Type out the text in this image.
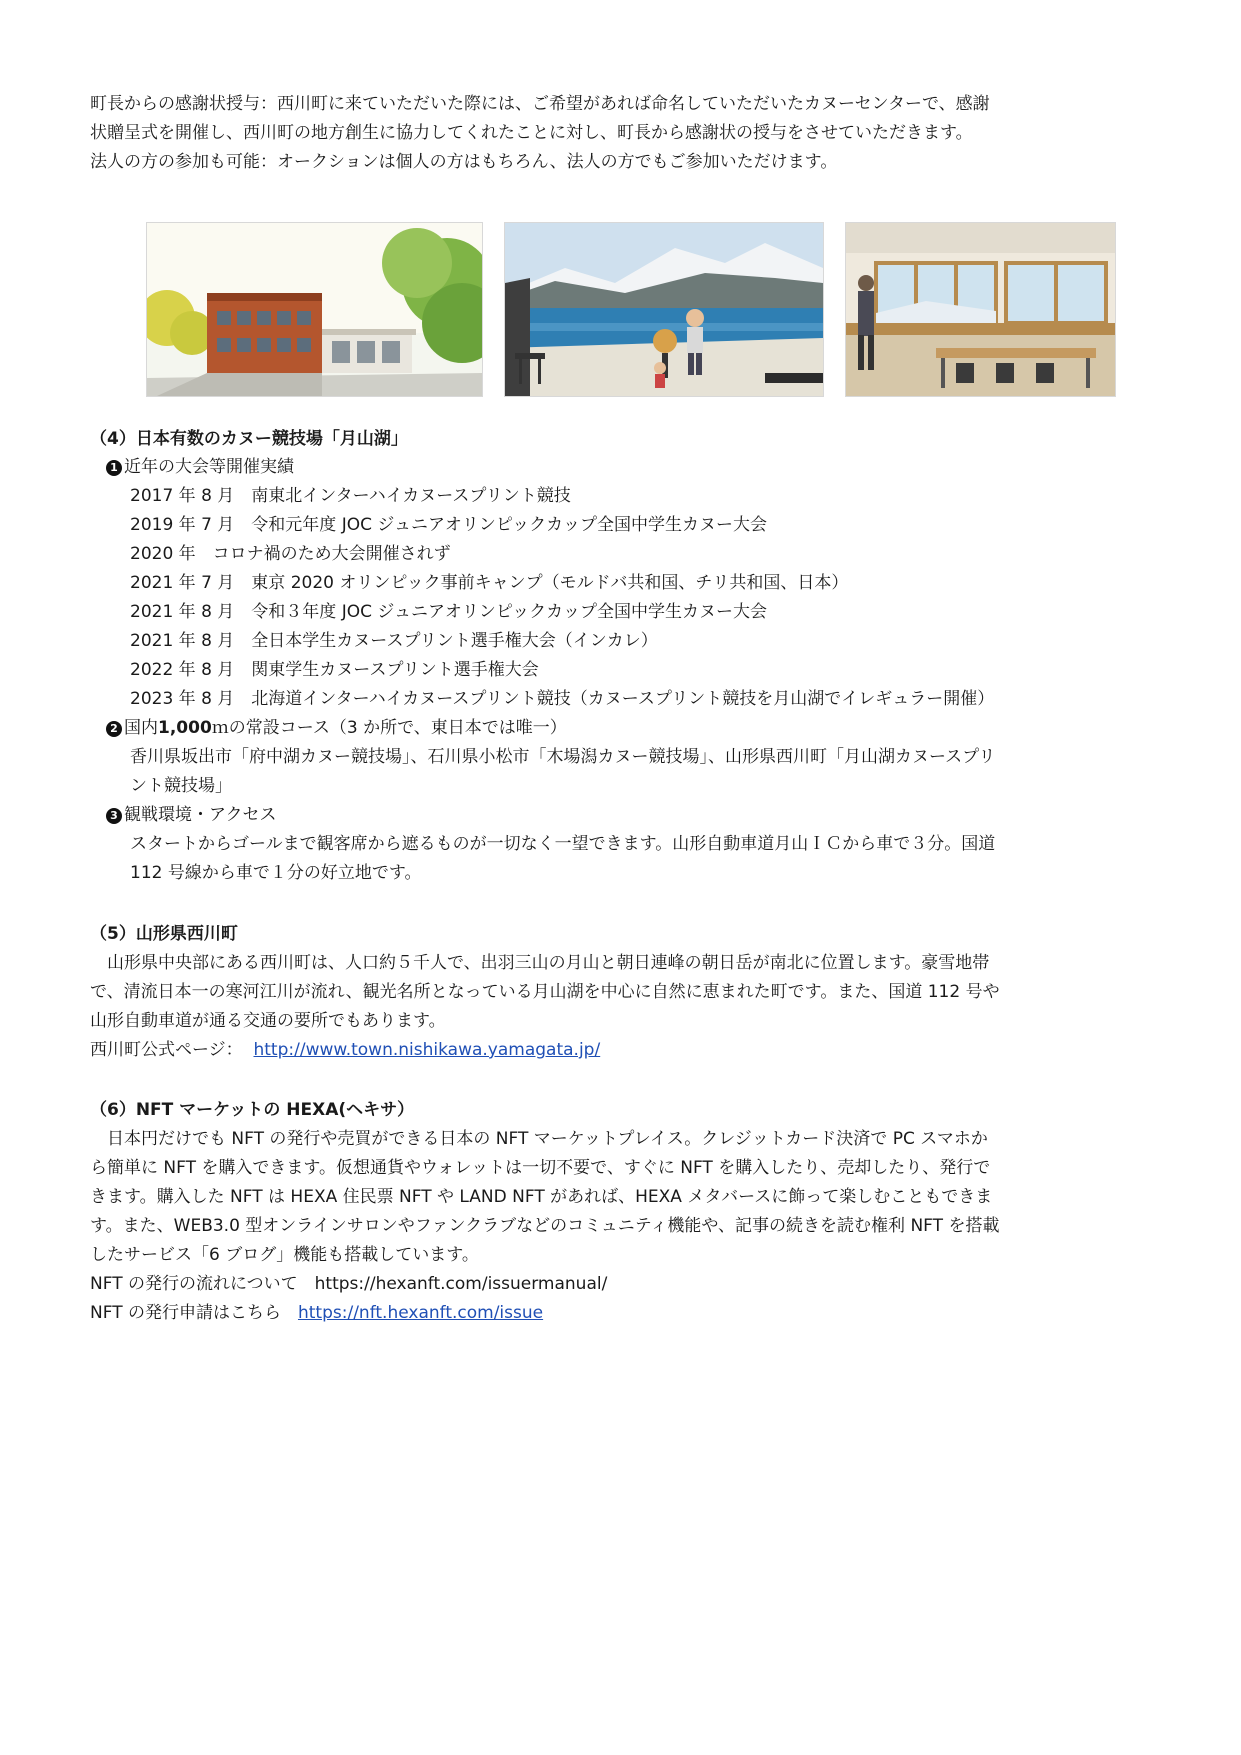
町長からの感謝状授与：西川町に来ていただいた際には、ご希望があれば命名していただいたカヌーセンターで、感謝
状贈呈式を開催し、西川町の地方創生に協力してくれたことに対し、町長から感謝状の授与をさせていただきます。
法人の方の参加も可能：オークションは個人の方はもちろん、法人の方でもご参加いただけます。
（4）日本有数のカヌー競技場「月山湖」
1 近年の大会等開催実績
2017 年 8 月　南東北インターハイカヌースプリント競技
2019 年 7 月　令和元年度 JOC ジュニアオリンピックカップ全国中学生カヌー大会
2020 年　コロナ禍のため大会開催されず
2021 年 7 月　東京 2020 オリンピック事前キャンプ（モルドバ共和国、チリ共和国、日本）
2021 年 8 月　令和３年度 JOC ジュニアオリンピックカップ全国中学生カヌー大会
2021 年 8 月　全日本学生カヌースプリント選手権大会（インカレ）
2022 年 8 月　関東学生カヌースプリント選手権大会
2023 年 8 月　北海道インターハイカヌースプリント競技（カヌースプリント競技を月山湖でイレギュラー開催）
2 国内1,000ｍの常設コース（3 か所で、東日本では唯一）
香川県坂出市「府中湖カヌー競技場」、石川県小松市「木場潟カヌー競技場」、山形県西川町「月山湖カヌースプリ
ント競技場」
3 観戦環境・アクセス
スタートからゴールまで観客席から遮るものが一切なく一望できます。山形自動車道月山ＩＣから車で３分。国道
112 号線から車で１分の好立地です。
（5）山形県西川町
　山形県中央部にある西川町は、人口約５千人で、出羽三山の月山と朝日連峰の朝日岳が南北に位置します。豪雪地帯
で、清流日本一の寒河江川が流れ、観光名所となっている月山湖を中心に自然に恵まれた町です。また、国道 112 号や
山形自動車道が通る交通の要所でもあります。
西川町公式ページ： http://www.town.nishikawa.yamagata.jp/
（6）NFT マーケットの HEXA(ヘキサ）
　日本円だけでも NFT の発行や売買ができる日本の NFT マーケットプレイス。クレジットカード決済で PC スマホか
ら簡単に NFT を購入できます。仮想通貨やウォレットは一切不要で、すぐに NFT を購入したり、売却したり、発行で
きます。購入した NFT は HEXA 住民票 NFT や LAND NFT があれば、HEXA メタバースに飾って楽しむこともできま
す。また、WEB3.0 型オンラインサロンやファンクラブなどのコミュニティ機能や、記事の続きを読む権利 NFT を搭載
したサービス「6 ブログ」機能も搭載しています。
NFT の発行の流れについて　https://hexanft.com/issuermanual/
NFT の発行申請はこちら　https://nft.hexanft.com/issue
